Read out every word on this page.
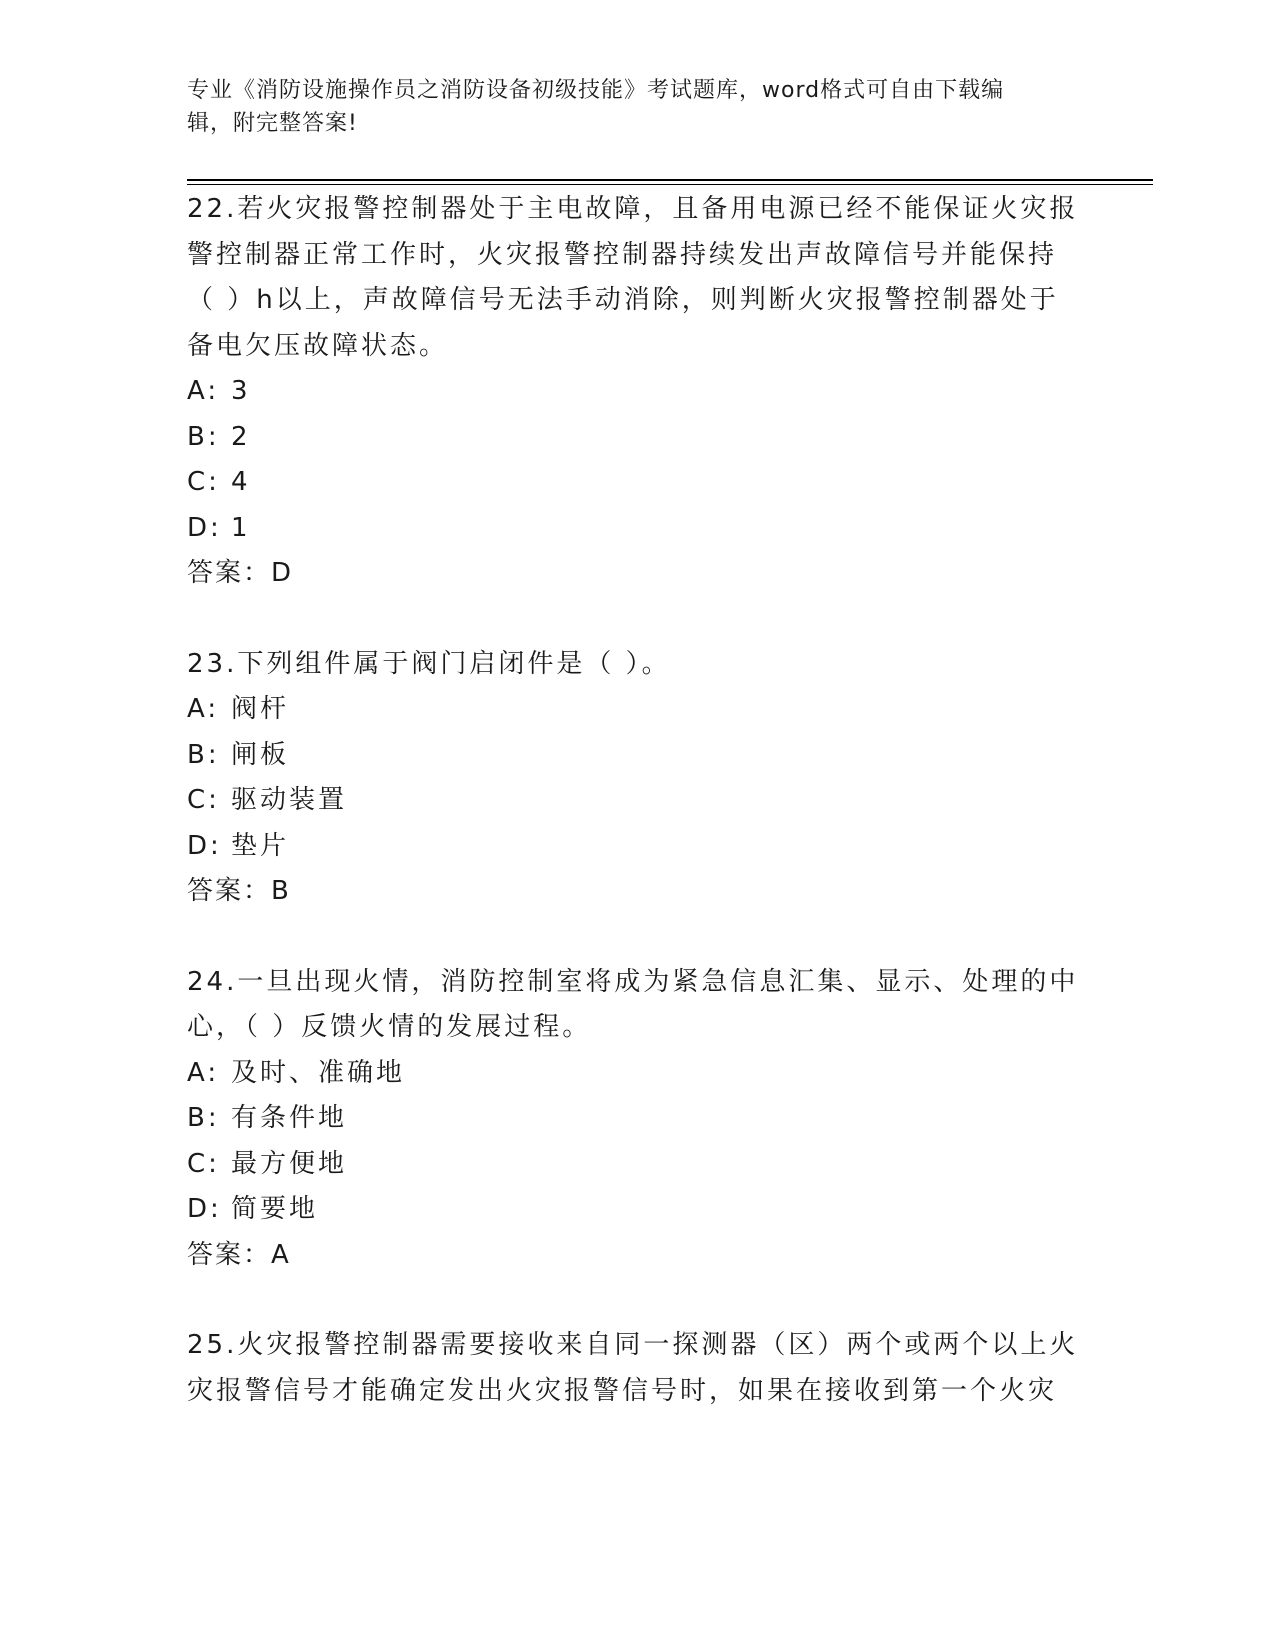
专业《消防设施操作员之消防设备初级技能》考试题库，word格式可自由下载编
辑，附完整答案!

22.若火灾报警控制器处于主电故障，且备用电源已经不能保证火灾报

警控制器正常工作时，火灾报警控制器持续发出声故障信号并能保持

（ ）h以上，声故障信号无法手动消除，则判断火灾报警控制器处于

备电欠压故障状态。

A: 3

B: 2

C: 4

D: 1

答案：D

23.下列组件属于阀门启闭件是（ ）。

A: 阀杆

B: 闸板

C: 驱动装置

D: 垫片

答案：B

24.一旦出现火情，消防控制室将成为紧急信息汇集、显示、处理的中

心，（ ）反馈火情的发展过程。

A: 及时、准确地

B: 有条件地

C: 最方便地

D: 简要地

答案：A

25.火灾报警控制器需要接收来自同一探测器（区）两个或两个以上火

灾报警信号才能确定发出火灾报警信号时，如果在接收到第一个火灾
